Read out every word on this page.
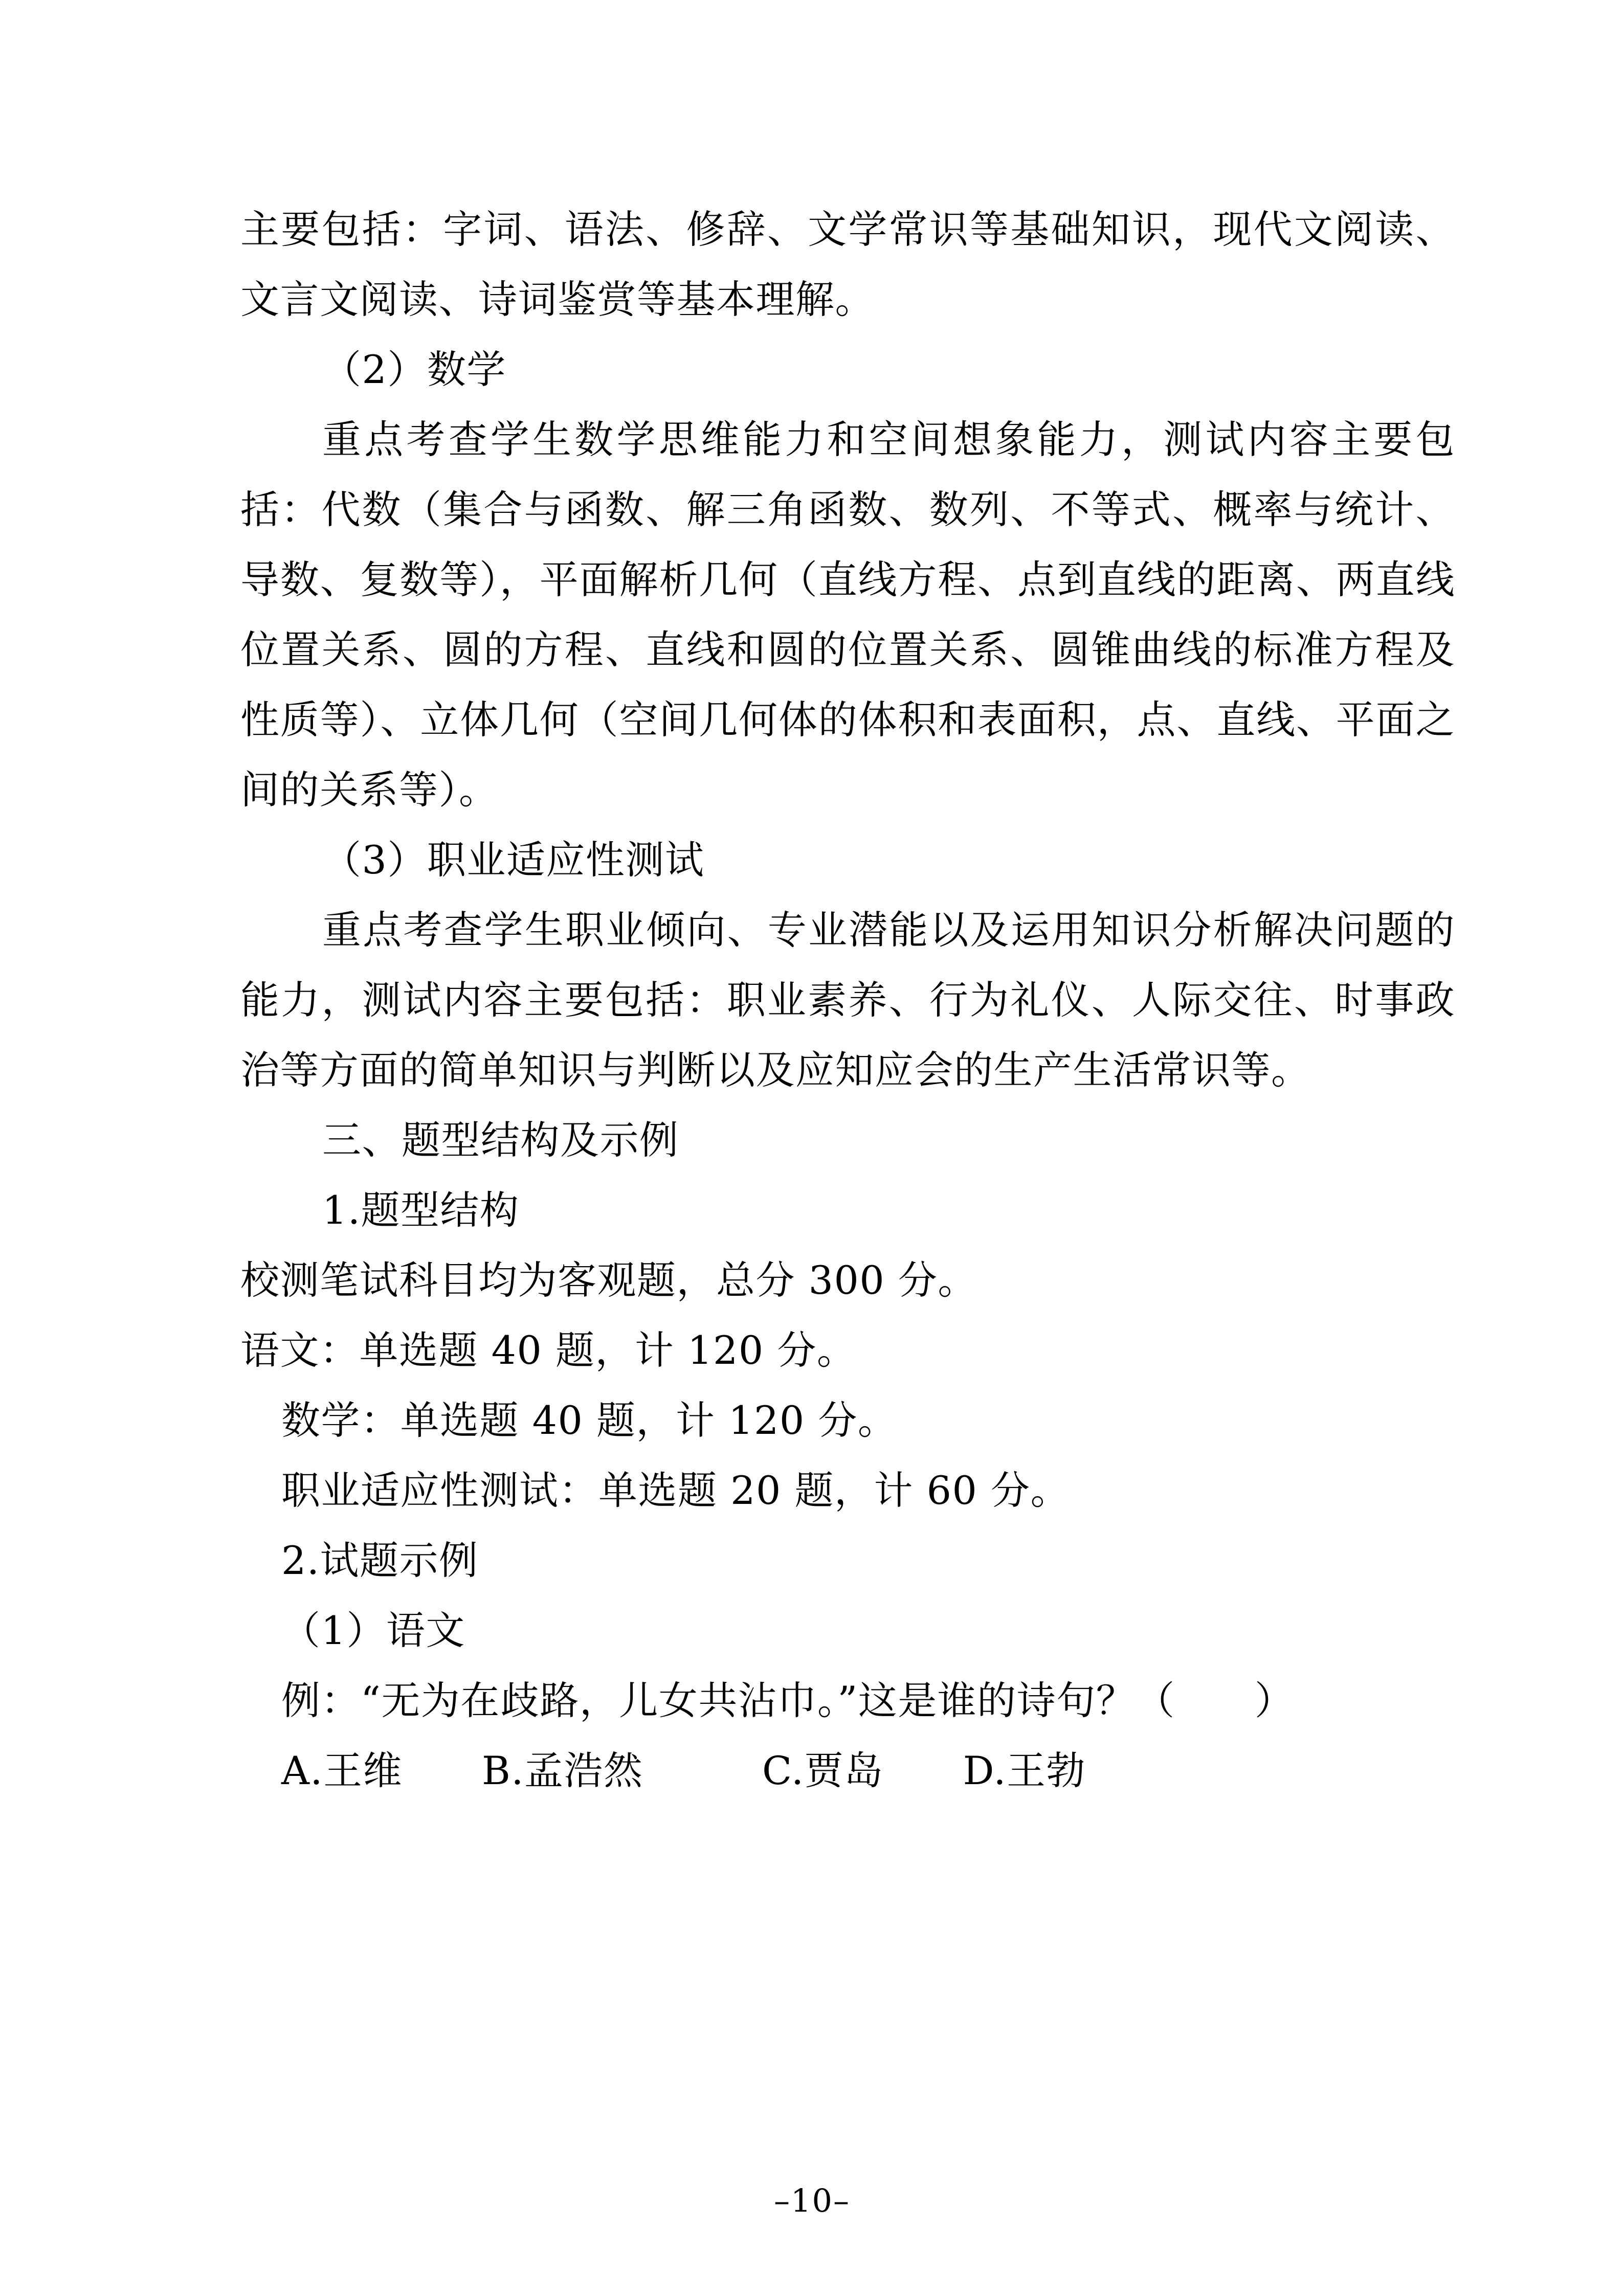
主要包括：字词、语法、修辞、文学常识等基础知识，现代文阅读、文言文阅读、诗词鉴赏等基本理解。

（2）数学

重点考查学生数学思维能力和空间想象能力，测试内容主要包括：代数（集合与函数、解三角函数、数列、不等式、概率与统计、导数、复数等），平面解析几何（直线方程、点到直线的距离、两直线位置关系、圆的方程、直线和圆的位置关系、圆锥曲线的标准方程及性质等）、立体几何（空间几何体的体积和表面积，点、直线、平面之间的关系等）。

（3）职业适应性测试

重点考查学生职业倾向、专业潜能以及运用知识分析解决问题的能力，测试内容主要包括：职业素养、行为礼仪、人际交往、时事政治等方面的简单知识与判断以及应知应会的生产生活常识等。

三、题型结构及示例

1.题型结构

校测笔试科目均为客观题，总分 300 分。

语文：单选题 40 题，计 120 分。

数学：单选题 40 题，计 120 分。

职业适应性测试：单选题 20 题，计 60 分。

2.试题示例

（1）语文

例：“无为在歧路，儿女共沾巾。”这是谁的诗句？（　　）

A.王维　　B.孟浩然　　　C.贾岛　　D.王勃

–10–
